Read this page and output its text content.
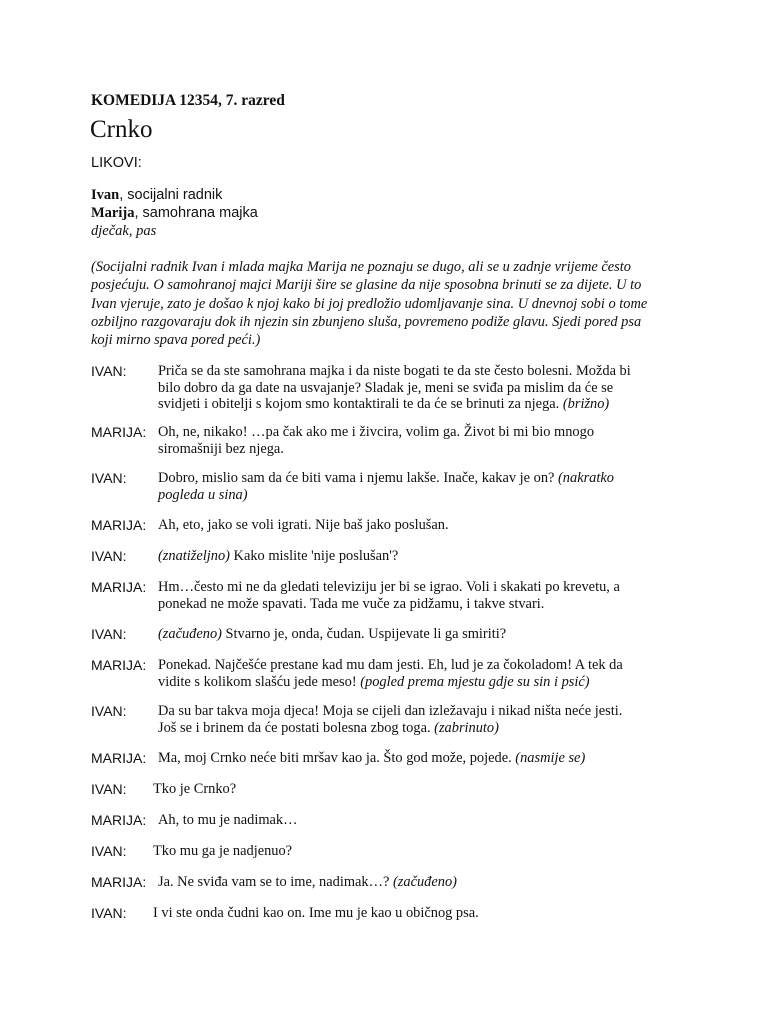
KOMEDIJA 12354, 7. razred
Crnko
LIKOVI:
Ivan, socijalni radnik
Marija, samohrana majka
dječak, pas

(Socijalni radnik Ivan i mlada majka Marija ne poznaju se dugo, ali se u zadnje vrijeme često

posjećuju. O samohranoj majci Mariji šire se glasine da nije sposobna brinuti se za dijete. U to

Ivan vjeruje, zato je došao k njoj kako bi joj predložio udomljavanje sina. U dnevnoj sobi o tome

ozbiljno razgovaraju dok ih njezin sin zbunjeno sluša, povremeno podiže glavu. Sjedi pored psa

koji mirno spava pored peći.)

IVAN: Priča se da ste samohrana majka i da niste bogati te da ste često bolesni. Možda bi

bilo dobro da ga date na usvajanje? Sladak je, meni se sviđa pa mislim da će se

svidjeti i obitelji s kojom smo kontaktirali te da će se brinuti za njega. (brižno)

MARIJA: Oh, ne, nikako! …pa čak ako me i živcira, volim ga. Život bi mi bio mnogo

siromašniji bez njega.

IVAN: Dobro, mislio sam da će biti vama i njemu lakše. Inače, kakav je on? (nakratko

pogleda u sina)

MARIJA: Ah, eto, jako se voli igrati. Nije baš jako poslušan.

IVAN: (znatiželjno) Kako mislite 'nije poslušan'?

MARIJA: Hm…često mi ne da gledati televiziju jer bi se igrao. Voli i skakati po krevetu, a

ponekad ne može spavati. Tada me vuče za pidžamu, i takve stvari.

IVAN: (začuđeno) Stvarno je, onda, čudan. Uspijevate li ga smiriti?

MARIJA: Ponekad. Najčešće prestane kad mu dam jesti. Eh, lud je za čokoladom! A tek da

vidite s kolikom slašću jede meso! (pogled prema mjestu gdje su sin i psić)

IVAN: Da su bar takva moja djeca! Moja se cijeli dan izležavaju i nikad ništa neće jesti.

Još se i brinem da će postati bolesna zbog toga. (zabrinuto)

MARIJA: Ma, moj Crnko neće biti mršav kao ja. Što god može, pojede. (nasmije se)

IVAN: Tko je Crnko?

MARIJA: Ah, to mu je nadimak…

IVAN: Tko mu ga je nadjenuo?

MARIJA: Ja. Ne sviđa vam se to ime, nadimak…? (začuđeno)

IVAN: I vi ste onda čudni kao on. Ime mu je kao u običnog psa.
